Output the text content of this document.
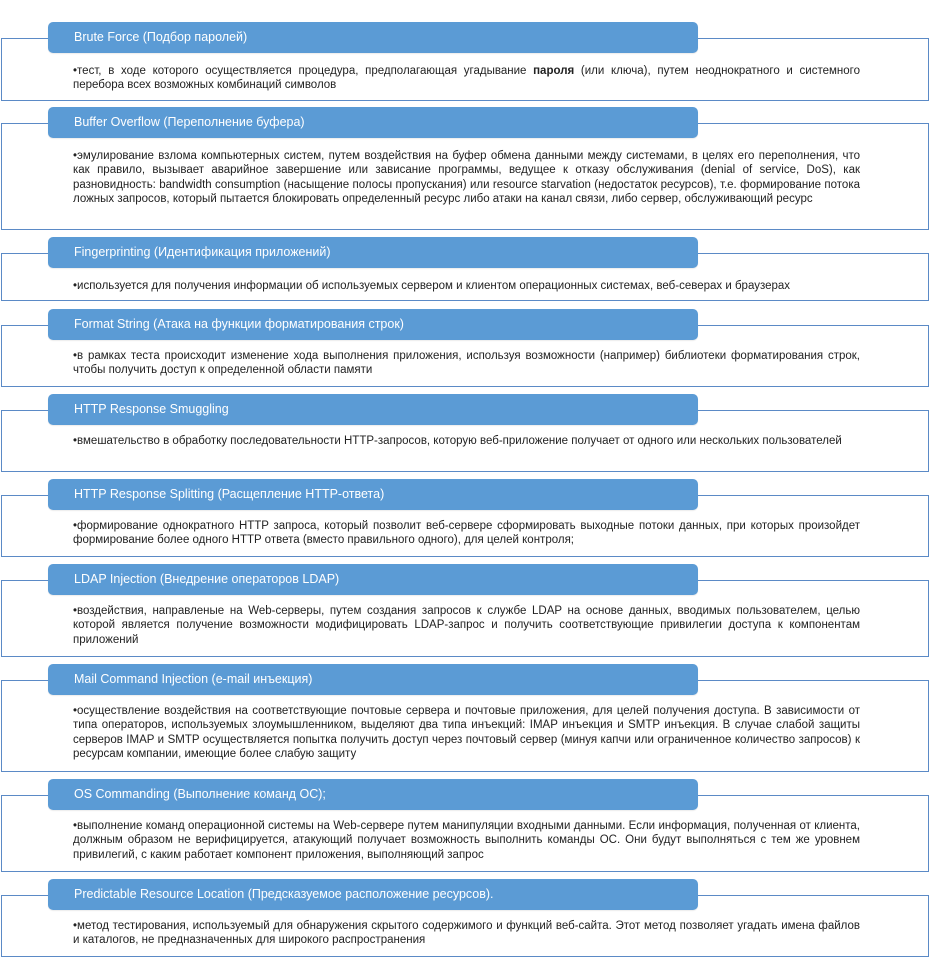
Brute Force (Подбор паролей)
•тест, в ходе которого осуществляется процедура, предполагающая угадывание пароля (или ключа), путем неоднократного и системного перебора всех возможных комбинаций символов
Buffer Overflow (Переполнение буфера)
•эмулирование взлома компьютерных систем, путем воздействия на буфер обмена данными между системами, в целях его переполнения, что как правило, вызывает аварийное завершение или зависание программы, ведущее к отказу обслуживания (denial of service, DoS), как разновидность: bandwidth consumption (насыщение полосы пропускания) или resource starvation (недостаток ресурсов), т.е. формирование потока ложных запросов, который пытается блокировать определенный ресурс либо атаки на канал связи, либо сервер, обслуживающий ресурс
Fingerprinting (Идентификация приложений)
•используется для получения информации об используемых сервером и клиентом операционных системах, веб-северах и браузерах
Format String (Атака на функции форматирования строк)
•в рамках теста происходит изменение хода выполнения приложения, используя возможности (например) библиотеки форматирования строк, чтобы получить доступ к определенной области памяти
HTTP Response Smuggling
•вмешательство в обработку последовательности HTTP-запросов, которую веб-приложение получает от одного или нескольких пользователей
HTTP Response Splitting (Расщепление HTTP-ответа)
•формирование однократного HTTP запроса, который позволит веб-сервере сформировать выходные потоки данных, при которых произойдет формирование более одного HTTP ответа (вместо правильного одного), для целей контроля;
LDAP Injection (Внедрение операторов LDAP)
•воздействия, направленые на Web-серверы, путем создания запросов к службе LDAP на основе данных, вводимых пользователем, целью которой является получение возможности модифицировать LDAP-запрос и получить соответствующие привилегии доступа к компонентам приложений
Mail Command Injection (e-mail инъекция)
•осуществление воздействия на соответствующие почтовые сервера и почтовые приложения, для целей получения доступа. В зависимости от типа операторов, используемых злоумышленником, выделяют два типа инъекций: IMAP инъекция и SMTP инъекция. В случае слабой защиты серверов IMAP и SMTP осуществляется попытка получить доступ через почтовый сервер (минуя капчи или ограниченное количество запросов) к ресурсам компании, имеющие более слабую защиту
OS Commanding (Выполнение команд ОС);
•выполнение команд операционной системы на Web-сервере путем манипуляции входными данными. Если информация, полученная от клиента, должным образом не верифицируется, атакующий получает возможность выполнить команды ОС. Они будут выполняться с тем же уровнем привилегий, с каким работает компонент приложения, выполняющий запрос
Predictable Resource Location (Предсказуемое расположение ресурсов).
•метод тестирования, используемый для обнаружения скрытого содержимого и функций веб-сайта. Этот метод позволяет угадать имена файлов и каталогов, не предназначенных для широкого распространения
